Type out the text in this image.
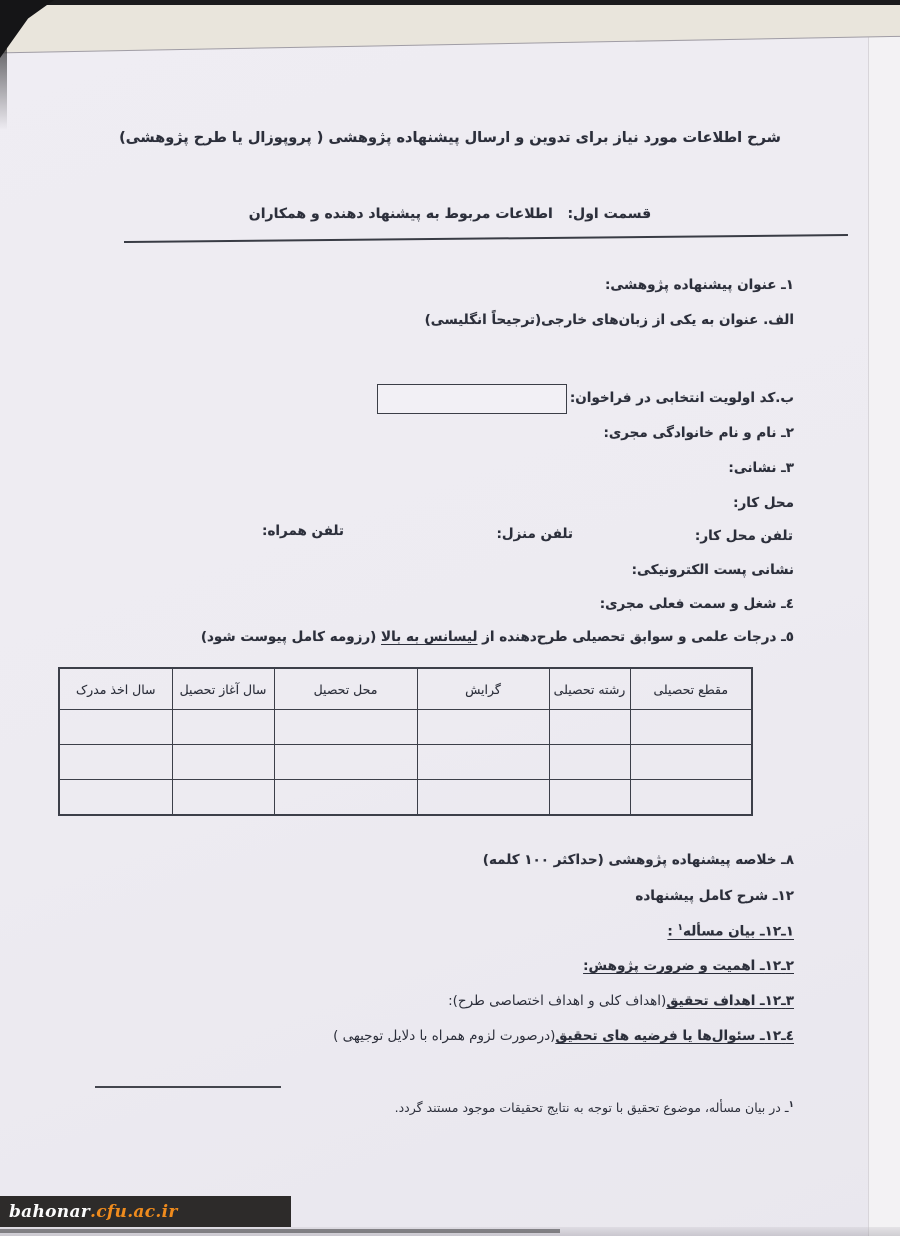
شرح اطلاعات مورد نیاز برای تدوین و ارسال پیشنهاده پژوهشی ( پروپوزال یا طرح پژوهشی)
قسمت اول:   اطلاعات مربوط به پیشنهاد دهنده و همکاران
۱ـ عنوان پیشنهاده پژوهشی:
الف. عنوان به یکی از زبان‌های خارجی(ترجیحاً انگلیسی)
ب.کد اولویت انتخابی در فراخوان:
۲ـ نام و نام خانوادگی مجری:
۳ـ نشانی:
محل کار:
تلفن محل کار:
تلفن منزل:
تلفن همراه:
نشانی پست الکترونیکی:
٤ـ شغل و سمت فعلی مجری:
٥ـ درجات علمی و سوابق تحصیلی طرح‌دهنده از لیسانس به بالا (رزومه کامل پیوست شود)
مقطع تحصیلی	رشته تحصیلی	گرایش	محل تحصیل	سال آغاز تحصیل	سال اخذ مدرک

۸ـ خلاصه پیشنهاده پژوهشی (حداکثر ۱۰۰ کلمه)
۱۲ـ شرح کامل پیشنهاده
۱ـ۱۲ـ بیان مسأله$^۱$ :
۲ـ۱۲ـ اهمیت و ضرورت پژوهش:
۳ـ۱۲ـ اهداف تحقیق(اهداف کلی و اهداف اختصاصی طرح):
٤ـ۱۲ـ سئوال‌ها یا فرضیه های تحقیق(درصورت لزوم همراه با دلایل توجیهی )
$^۱$ـ در بیان مسأله، موضوع تحقیق با توجه به نتایج تحقیقات موجود مستند گردد.
bahonar .cfu.ac.ir
